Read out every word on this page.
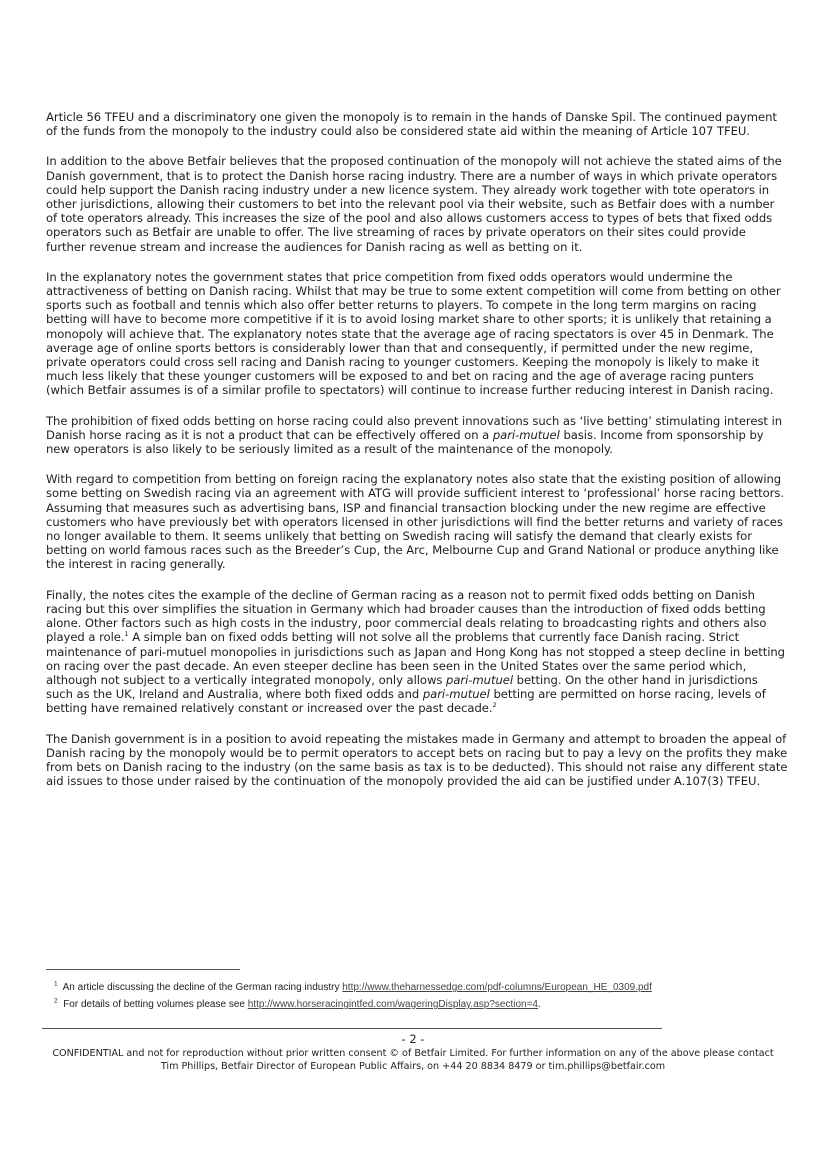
Article 56 TFEU and a discriminatory one given the monopoly is to remain in the hands of Danske Spil. The continued payment of the funds from the monopoly to the industry could also be considered state aid within the meaning of Article 107 TFEU.

In addition to the above Betfair believes that the proposed continuation of the monopoly will not achieve the stated aims of the Danish government, that is to protect the Danish horse racing industry. There are a number of ways in which private operators could help support the Danish racing industry under a new licence system. They already work together with tote operators in other jurisdictions, allowing their customers to bet into the relevant pool via their website, such as Betfair does with a number of tote operators already. This increases the size of the pool and also allows customers access to types of bets that fixed odds operators such as Betfair are unable to offer. The live streaming of races by private operators on their sites could provide further revenue stream and increase the audiences for Danish racing as well as betting on it.

In the explanatory notes the government states that price competition from fixed odds operators would undermine the attractiveness of betting on Danish racing. Whilst that may be true to some extent competition will come from betting on other sports such as football and tennis which also offer better returns to players. To compete in the long term margins on racing betting will have to become more competitive if it is to avoid losing market share to other sports; it is unlikely that retaining a monopoly will achieve that. The explanatory notes state that the average age of racing spectators is over 45 in Denmark. The average age of online sports bettors is considerably lower than that and consequently, if permitted under the new regime, private operators could cross sell racing and Danish racing to younger customers. Keeping the monopoly is likely to make it much less likely that these younger customers will be exposed to and bet on racing and the age of average racing punters (which Betfair assumes is of a similar profile to spectators) will continue to increase further reducing interest in Danish racing.

The prohibition of fixed odds betting on horse racing could also prevent innovations such as ‘live betting’ stimulating interest in Danish horse racing as it is not a product that can be effectively offered on a pari-mutuel basis. Income from sponsorship by new operators is also likely to be seriously limited as a result of the maintenance of the monopoly.

With regard to competition from betting on foreign racing the explanatory notes also state that the existing position of allowing some betting on Swedish racing via an agreement with ATG will provide sufficient interest to ‘professional’ horse racing bettors. Assuming that measures such as advertising bans, ISP and financial transaction blocking under the new regime are effective customers who have previously bet with operators licensed in other jurisdictions will find the better returns and variety of races no longer available to them. It seems unlikely that betting on Swedish racing will satisfy the demand that clearly exists for betting on world famous races such as the Breeder’s Cup, the Arc, Melbourne Cup and Grand National or produce anything like the interest in racing generally.

Finally, the notes cites the example of the decline of German racing as a reason not to permit fixed odds betting on Danish racing but this over simplifies the situation in Germany which had broader causes than the introduction of fixed odds betting alone. Other factors such as high costs in the industry, poor commercial deals relating to broadcasting rights and others also played a role.$^1$ A simple ban on fixed odds betting will not solve all the problems that currently face Danish racing. Strict maintenance of pari-mutuel monopolies in jurisdictions such as Japan and Hong Kong has not stopped a steep decline in betting on racing over the past decade. An even steeper decline has been seen in the United States over the same period which, although not subject to a vertically integrated monopoly, only allows pari-mutuel betting. On the other hand in jurisdictions such as the UK, Ireland and Australia, where both fixed odds and pari-mutuel betting are permitted on horse racing, levels of betting have remained relatively constant or increased over the past decade.$^2$

The Danish government is in a position to avoid repeating the mistakes made in Germany and attempt to broaden the appeal of Danish racing by the monopoly would be to permit operators to accept bets on racing but to pay a levy on the profits they make from bets on Danish racing to the industry (on the same basis as tax is to be deducted). This should not raise any different state aid issues to those under raised by the continuation of the monopoly provided the aid can be justified under A.107(3) TFEU.

$^1$ An article discussing the decline of the German racing industry http://www.theharnessedge.com/pdf-columns/European_HE_0309.pdf
$^2$ For details of betting volumes please see http://www.horseracingintfed.com/wageringDisplay.asp?section=4.
- 2 -
CONFIDENTIAL and not for reproduction without prior written consent © of Betfair Limited. For further information on any of the above please contact
Tim Phillips, Betfair Director of European Public Affairs, on +44 20 8834 8479 or tim.phillips@betfair.com
